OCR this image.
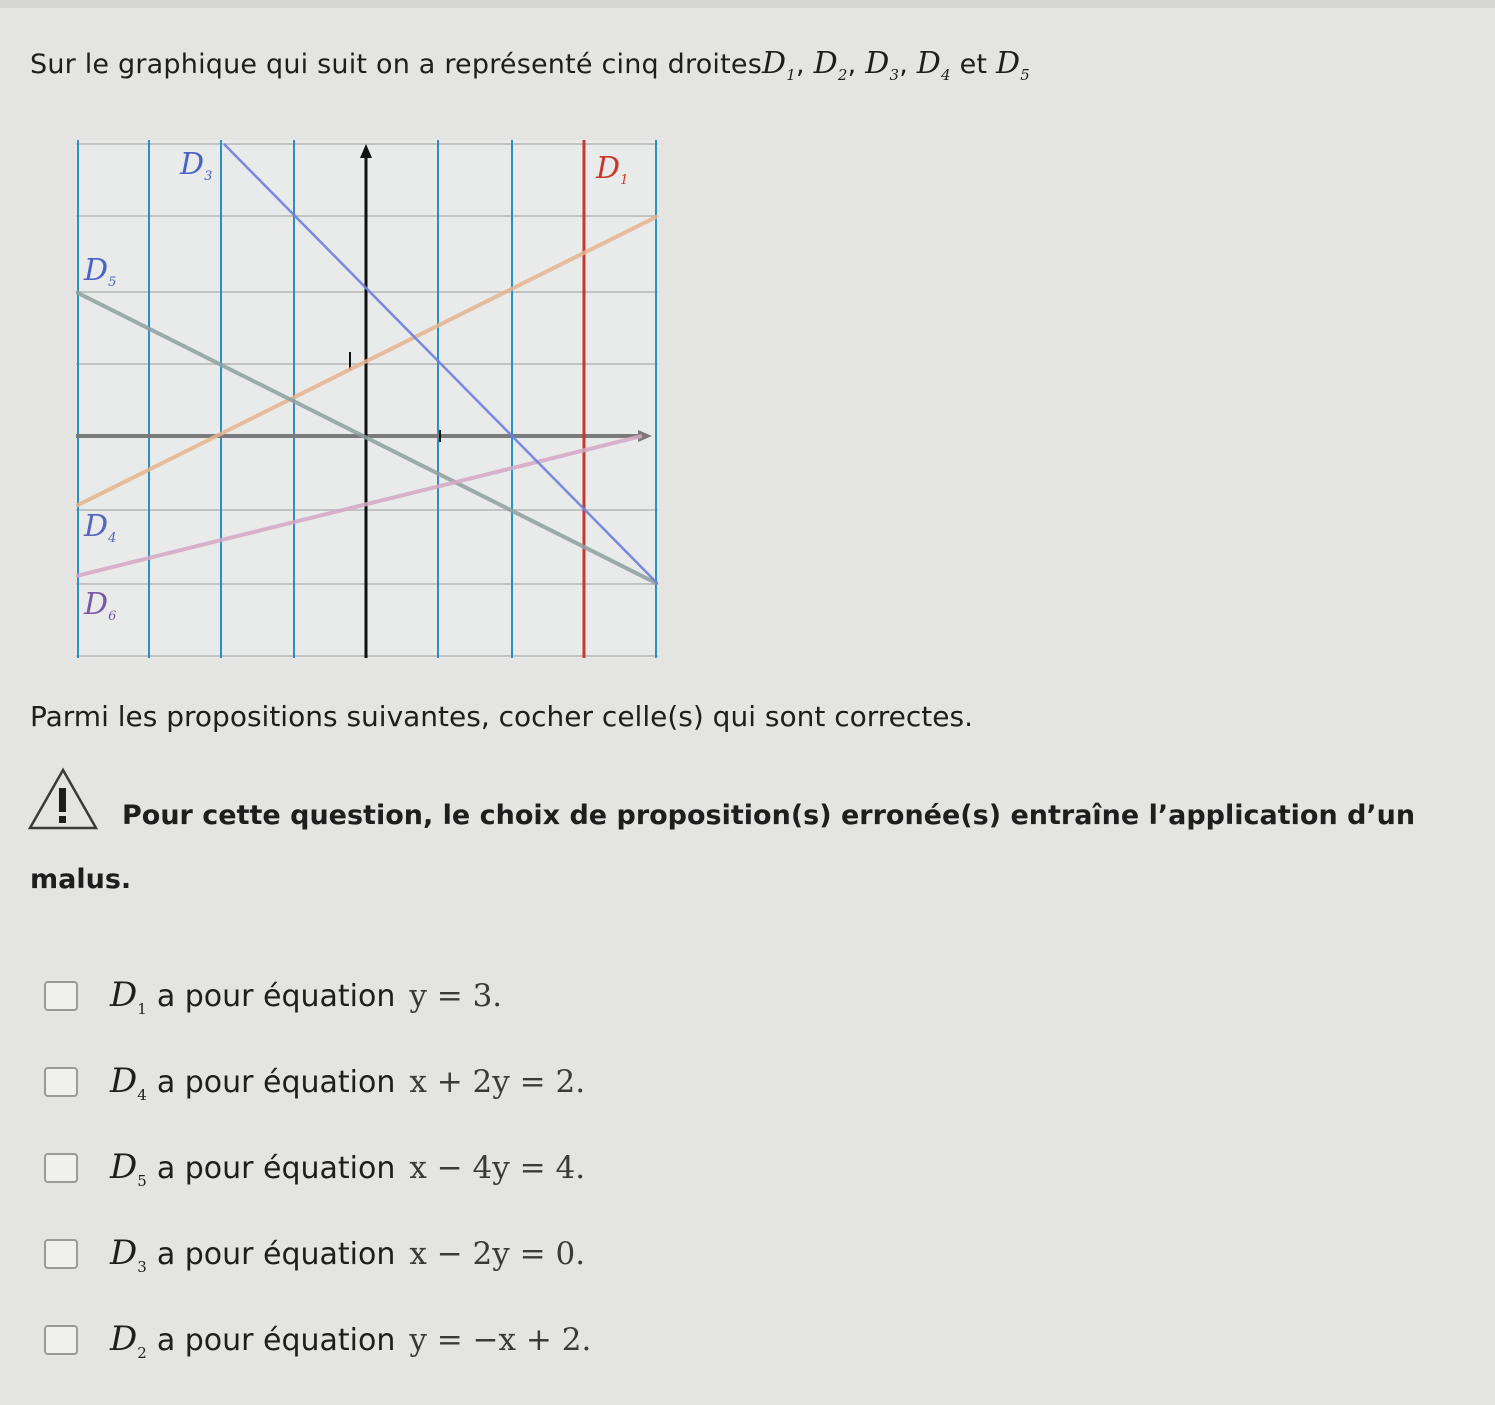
Sur le graphique qui suit on a représenté cinq droitesD$_1$, $D_2$, $D_3$, $D_4$ et $D_5$
$D_3$	$D_1$
$D_5$
$D_4$
$D_6$
Parmi les propositions suivantes, cocher celle(s) qui sont correctes.
Pour cette question, le choix de proposition(s) erronée(s) entraîne l’application d’un malus.
$D_1$ a pour équation y = 3.
$D_4$ a pour équation x + 2y = 2.
$D_5$ a pour équation x − 4y = 4.
$D_3$ a pour équation x − 2y = 0.
$D_2$ a pour équation y = −x + 2.
